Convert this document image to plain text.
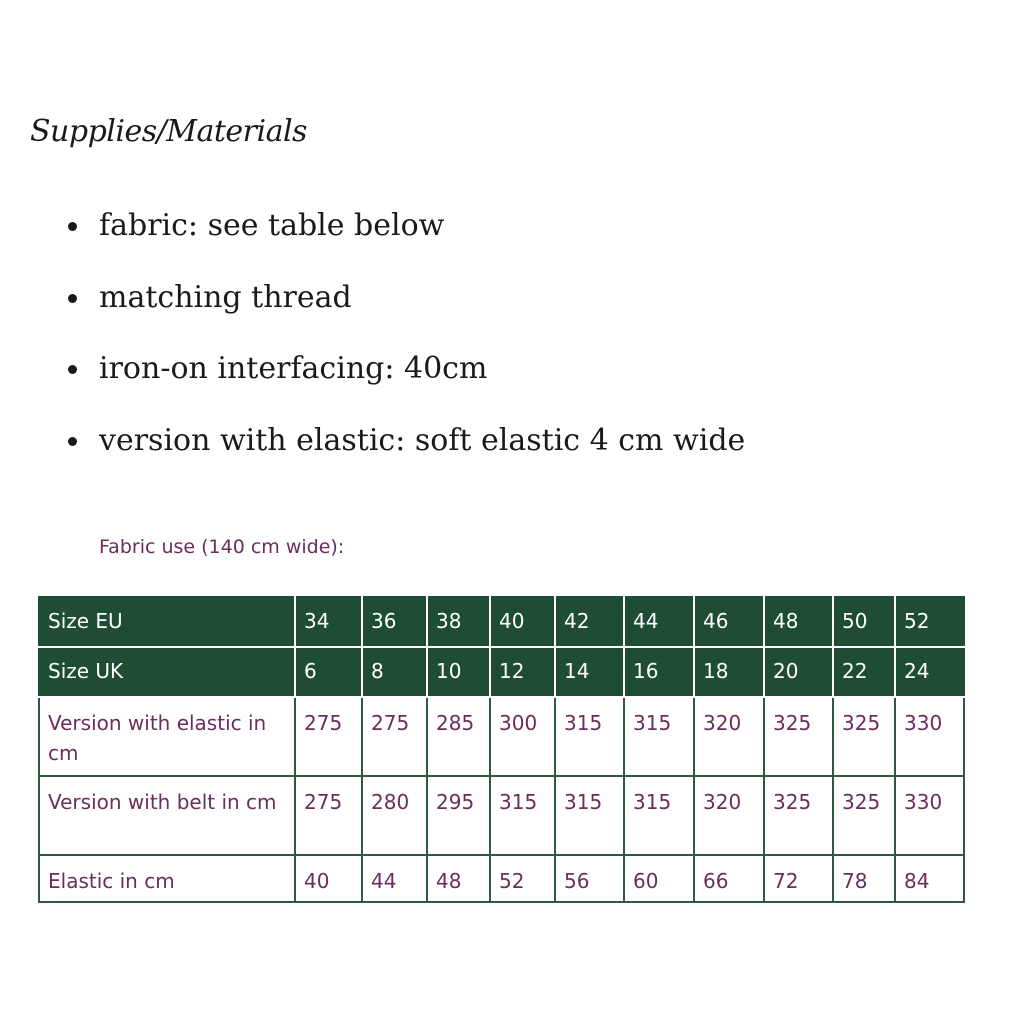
Supplies/Materials
fabric: see table below
matching thread
iron-on interfacing: 40cm
version with elastic: soft elastic 4 cm wide

Fabric use (140 cm wide):

Size EU	34	36	38	40	42	44	46	48	50	52
Size UK	6	8	10	12	14	16	18	20	22	24
Version with elastic in cm	275	275	285	300	315	315	320	325	325	330
Version with belt in cm	275	280	295	315	315	315	320	325	325	330
Elastic in cm	40	44	48	52	56	60	66	72	78	84
